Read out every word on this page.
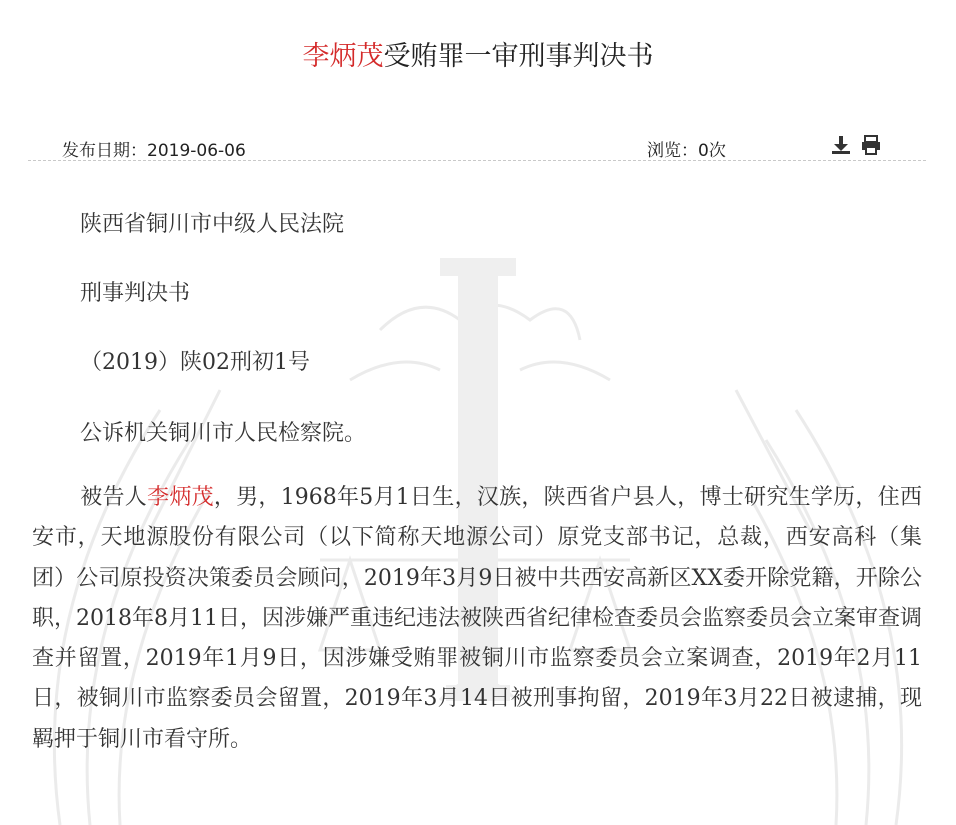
李炳茂受贿罪一审刑事判决书
发布日期：2019-06-06	浏览：0次
陕西省铜川市中级人民法院
刑事判决书
（2019）陕02刑初1号
公诉机关铜川市人民检察院。
被告人李炳茂，男，1968年5月1日生，汉族，陕西省户县人，博士研究生学历，住西安市，天地源股份有限公司（以下简称天地源公司）原党支部书记，总裁，西安高科（集团）公司原投资决策委员会顾问，2019年3月9日被中共西安高新区XX委开除党籍，开除公职，2018年8月11日，因涉嫌严重违纪违法被陕西省纪律检查委员会监察委员会立案审查调查并留置，2019年1月9日，因涉嫌受贿罪被铜川市监察委员会立案调查，2019年2月11日，被铜川市监察委员会留置，2019年3月14日被刑事拘留，2019年3月22日被逮捕，现羁押于铜川市看守所。
